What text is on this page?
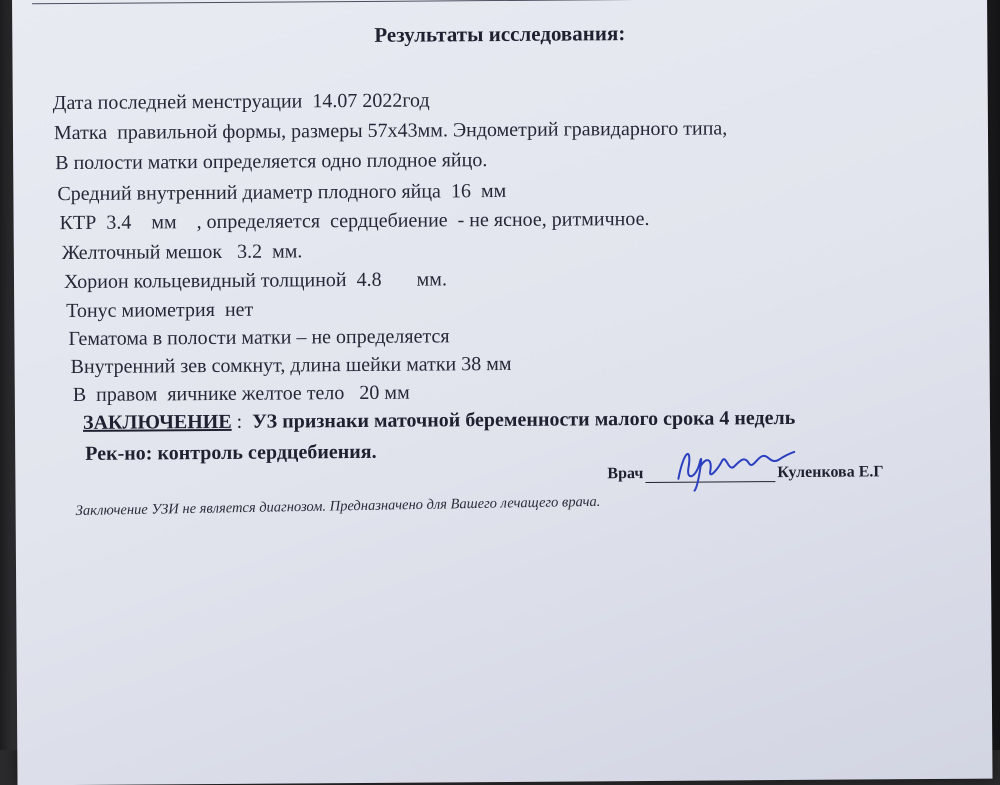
Результаты исследования:
Дата последней менструации  14.07 2022год
Матка  правильной формы, размеры 57х43мм. Эндометрий гравидарного типа,
В полости матки определяется одно плодное яйцо.
Средний внутренний диаметр плодного яйца  16  мм
КТР  3.4    мм    , определяется  сердцебиение  - не ясное, ритмичное.
Желточный мешок   3.2  мм.
Хорион кольцевидный толщиной  4.8       мм.
Тонус миометрия  нет
Гематома в полости матки – не определяется
Внутренний зев сомкнут, длина шейки матки 38 мм
В  правом  яичнике желтое тело   20 мм
ЗАКЛЮЧЕНИЕ :  УЗ признаки маточной беременности малого срока 4 недель
Рек-но: контроль сердцебиения.
Врач	Куленкова Е.Г
Заключение УЗИ не является диагнозом. Предназначено для Вашего лечащего врача.
